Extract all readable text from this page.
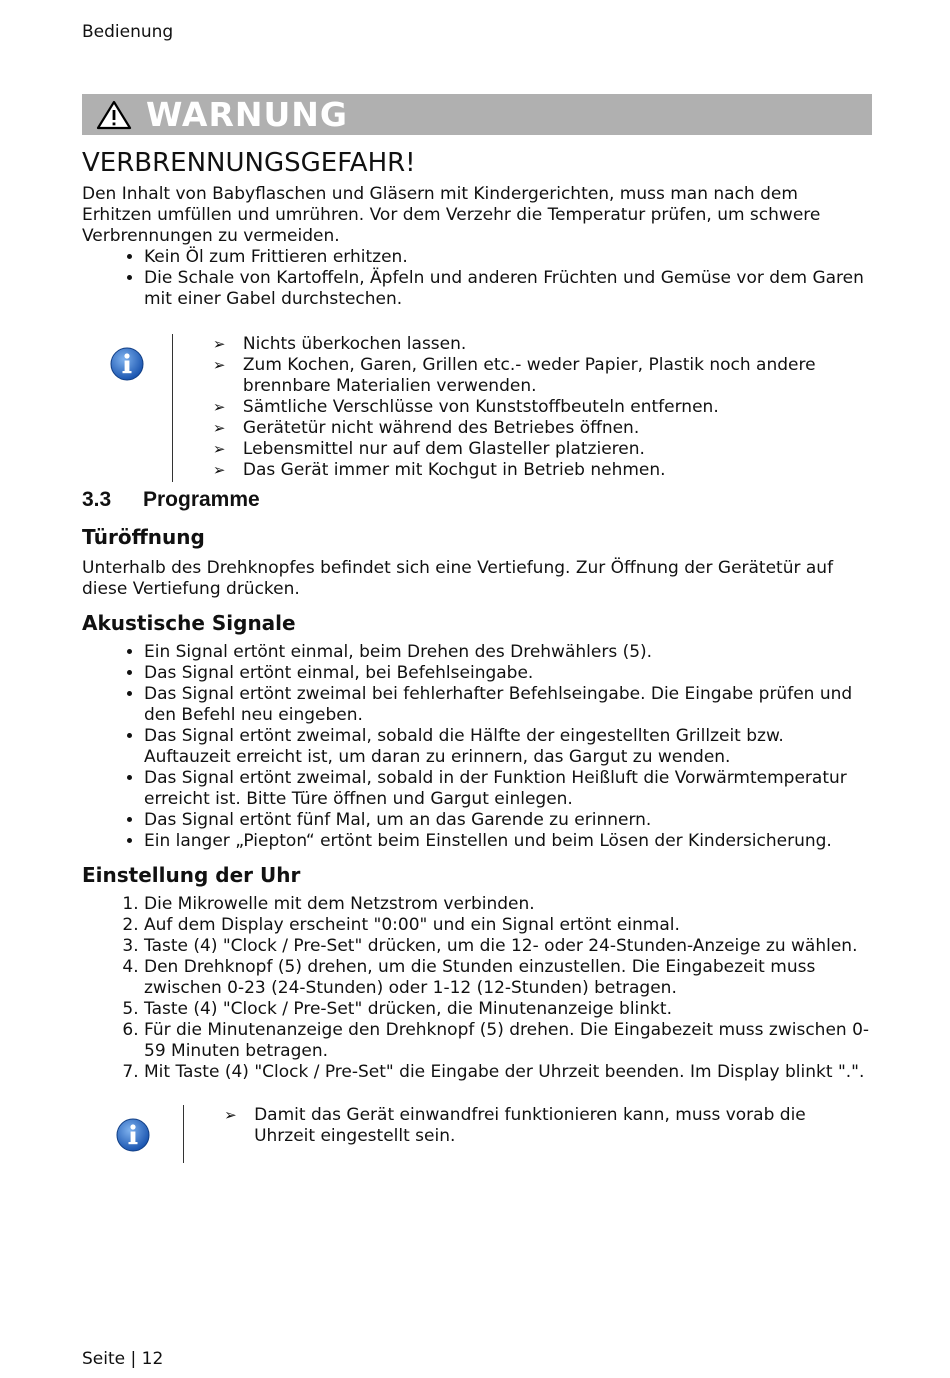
Bedienung
WARNUNG
VERBRENNUNGSGEFAHR!

Den Inhalt von Babyflaschen und Gläsern mit Kindergerichten, muss man nach dem Erhitzen umfüllen und umrühren. Vor dem Verzehr die Temperatur prüfen, um schwere Verbrennungen zu vermeiden.

• Kein Öl zum Frittieren erhitzen.
• Die Schale von Kartoffeln, Äpfeln und anderen Früchten und Gemüse vor dem Garen mit einer Gabel durchstechen.
➢ Nichts überkochen lassen.
➢ Zum Kochen, Garen, Grillen etc.- weder Papier, Plastik noch andere brennbare Materialien verwenden.
➢ Sämtliche Verschlüsse von Kunststoffbeuteln entfernen.
➢ Gerätetür nicht während des Betriebes öffnen.
➢ Lebensmittel nur auf dem Glasteller platzieren.
➢ Das Gerät immer mit Kochgut in Betrieb nehmen.
3.3	Programme
Türöffnung

Unterhalb des Drehknopfes befindet sich eine Vertiefung. Zur Öffnung der Gerätetür auf diese Vertiefung drücken.

Akustische Signale
• Ein Signal ertönt einmal, beim Drehen des Drehwählers (5).
• Das Signal ertönt einmal, bei Befehlseingabe.
• Das Signal ertönt zweimal bei fehlerhafter Befehlseingabe. Die Eingabe prüfen und den Befehl neu eingeben.
• Das Signal ertönt zweimal, sobald die Hälfte der eingestellten Grillzeit bzw. Auftauzeit erreicht ist, um daran zu erinnern, das Gargut zu wenden.
• Das Signal ertönt zweimal, sobald in der Funktion Heißluft die Vorwärmtemperatur erreicht ist. Bitte Türe öffnen und Gargut einlegen.
• Das Signal ertönt fünf Mal, um an das Garende zu erinnern.
• Ein langer „Piepton“ ertönt beim Einstellen und beim Lösen der Kindersicherung.
Einstellung der Uhr
1. Die Mikrowelle mit dem Netzstrom verbinden.
2. Auf dem Display erscheint "0:00" und ein Signal ertönt einmal.
3. Taste (4) "Clock / Pre-Set" drücken, um die 12- oder 24-Stunden-Anzeige zu wählen.
4. Den Drehknopf (5) drehen, um die Stunden einzustellen. Die Eingabezeit muss zwischen 0-23 (24-Stunden) oder 1-12 (12-Stunden) betragen.
5. Taste (4) "Clock / Pre-Set" drücken, die Minutenanzeige blinkt.
6. Für die Minutenanzeige den Drehknopf (5) drehen. Die Eingabezeit muss zwischen 0-59 Minuten betragen.
7. Mit Taste (4) "Clock / Pre-Set" die Eingabe der Uhrzeit beenden. Im Display blinkt ".".
➢ Damit das Gerät einwandfrei funktionieren kann, muss vorab die Uhrzeit eingestellt sein.
Seite | 12
